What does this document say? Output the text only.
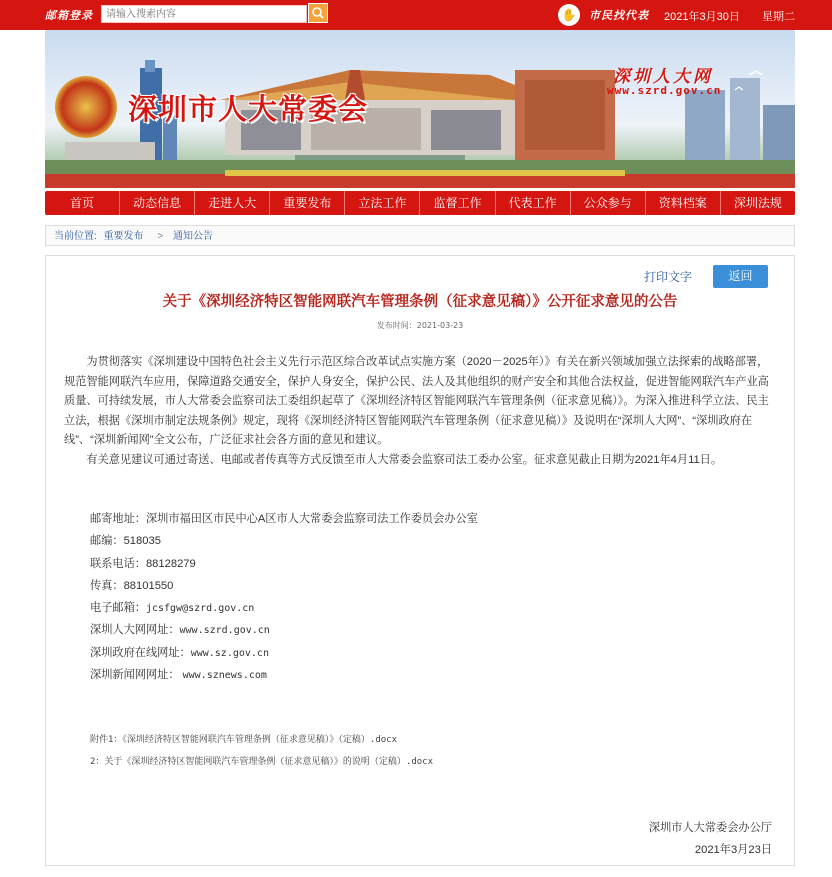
邮箱登录
请输入搜索内容	✋	市民找代表 2021年3月30日 星期二
深圳市人大常委会
深圳人大网
www.szrd.gov.cn
首页	动态信息	走进人大	重要发布	立法工作	监督工作	代表工作	公众参与	资料档案	深圳法规
当前位置: 重要发布 > 通知公告
打印文字	返回
关于《深圳经济特区智能网联汽车管理条例（征求意见稿）》公开征求意见的公告
发布时间：2021-03-23

为贯彻落实《深圳建设中国特色社会主义先行示范区综合改革试点实施方案（2020－2025年）》有关在新兴领域加强立法探索的战略部署，规范智能网联汽车应用，保障道路交通安全，保护人身安全，保护公民、法人及其他组织的财产安全和其他合法权益，促进智能网联汽车产业高质量、可持续发展，市人大常委会监察司法工委组织起草了《深圳经济特区智能网联汽车管理条例（征求意见稿）》。为深入推进科学立法、民主立法，根据《深圳市制定法规条例》规定，现将《深圳经济特区智能网联汽车管理条例（征求意见稿）》及说明在“深圳人大网”、“深圳政府在线”、“深圳新闻网”全文公布，广泛征求社会各方面的意见和建议。

有关意见建议可通过寄送、电邮或者传真等方式反馈至市人大常委会监察司法工委办公室。征求意见截止日期为2021年4月11日。

邮寄地址：深圳市福田区市民中心A区市人大常委会监察司法工作委员会办公室
邮编：518035
联系电话：88128279
传真：88101550
电子邮箱：jcsfgw@szrd.gov.cn
深圳人大网网址：www.szrd.gov.cn
深圳政府在线网址：www.sz.gov.cn
深圳新闻网网址： www.sznews.com
附件1：《深圳经济特区智能网联汽车管理条例（征求意见稿）》（定稿）.docx
2：关于《深圳经济特区智能网联汽车管理条例（征求意见稿）》的说明（定稿）.docx
深圳市人大常委会办公厅
2021年3月23日
